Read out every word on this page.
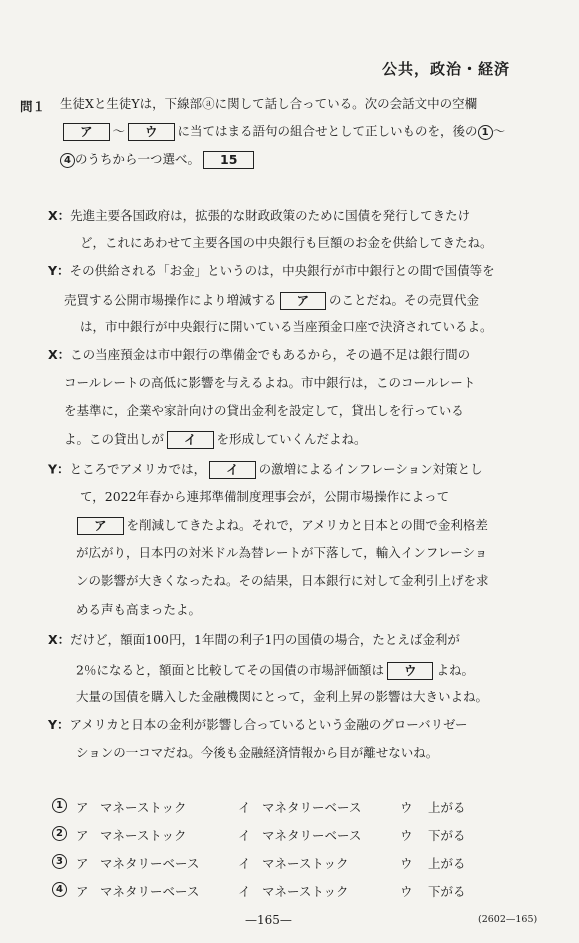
公共，政治・経済
問１ 生徒Xと生徒Yは，下線部ⓐに関して話し合っている。次の会話文中の空欄
ア ～ ウ に当てはまる語句の組合せとして正しいものを，後の 1 ～
4 のうちから一つ選べ。 15
X：先進主要各国政府は，拡張的な財政政策のために国債を発行してきたけ
ど，これにあわせて主要各国の中央銀行も巨額のお金を供給してきたね。
Y：その供給される「お金」というのは，中央銀行が市中銀行との間で国債等を
売買する公開市場操作により増減する ア のことだね。その売買代金
は，市中銀行が中央銀行に開いている当座預金口座で決済されているよ。
X：この当座預金は市中銀行の準備金でもあるから，その過不足は銀行間の
コールレートの高低に影響を与えるよね。市中銀行は，このコールレート
を基準に，企業や家計向けの貸出金利を設定して，貸出しを行っている
よ。この貸出しが イ を形成していくんだよね。
Y：ところでアメリカでは， イ の激増によるインフレーション対策とし
て，2022年春から連邦準備制度理事会が，公開市場操作によって
ア を削減してきたよね。それで，アメリカと日本との間で金利格差
が広がり，日本円の対米ドル為替レートが下落して，輸入インフレーショ
ンの影響が大きくなったね。その結果，日本銀行に対して金利引上げを求
める声も高まったよ。
X：だけど，額面100円，1年間の利子1円の国債の場合，たとえば金利が
2％になると，額面と比較してその国債の市場評価額は ウ よね。
大量の国債を購入した金融機関にとって，金利上昇の影響は大きいよね。
Y：アメリカと日本の金利が影響し合っているという金融のグローバリゼー
ションの一コマだね。今後も金融経済情報から目が離せないね。
1	ア マネーストック	イ マネタリーベース	ウ 上がる
2	ア マネーストック	イ マネタリーベース	ウ 下がる
3	ア マネタリーベース	イ マネーストック	ウ 上がる
4	ア マネタリーベース	イ マネーストック	ウ 下がる
—165—	(2602—165)
